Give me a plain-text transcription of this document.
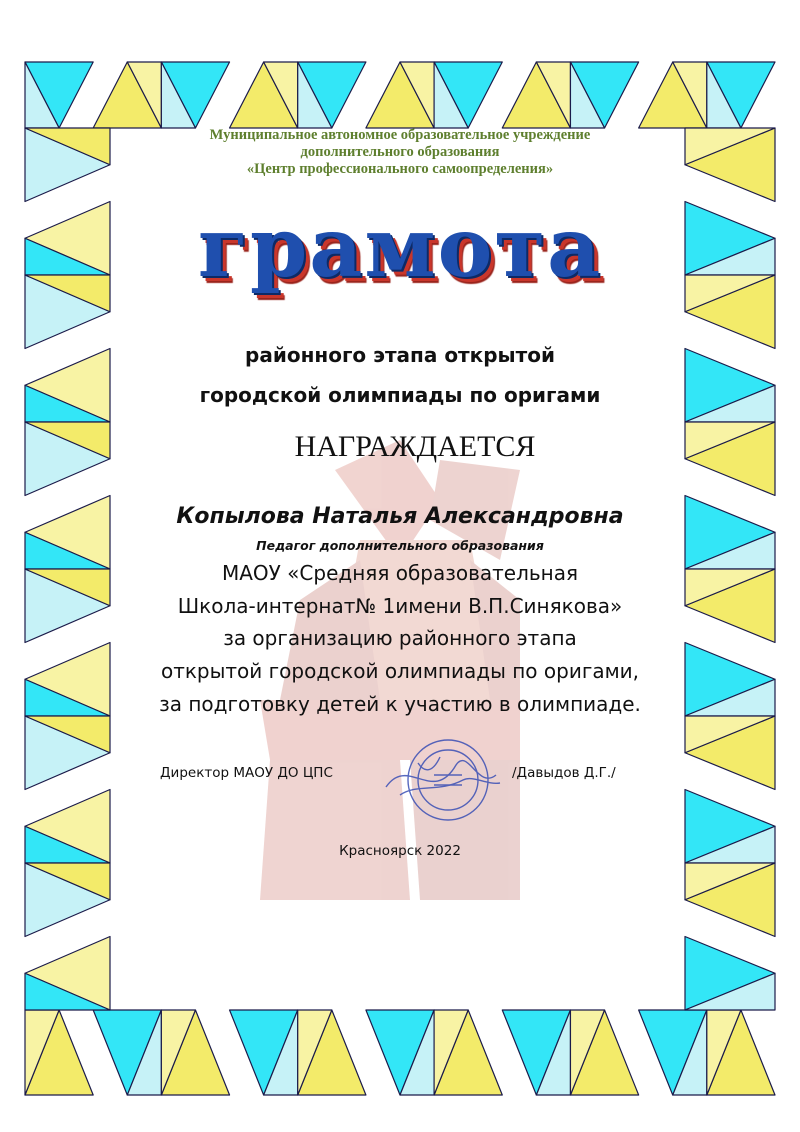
Муниципальное автономное образовательное учреждение
дополнительного образования
«Центр профессионального самоопределения»
грамота
районного этапа открытой
городской олимпиады по оригами
НАГРАЖДАЕТСЯ
Копылова Наталья Александровна
Педагог дополнительного образования
МАОУ «Средняя образовательная
Школа-интернат№ 1имени В.П.Синякова»
за организацию районного этапа
открытой городской олимпиады по оригами,
за подготовку детей к участию в олимпиаде.
Директор МАОУ ДО ЦПС	/Давыдов Д.Г./
Красноярск 2022
